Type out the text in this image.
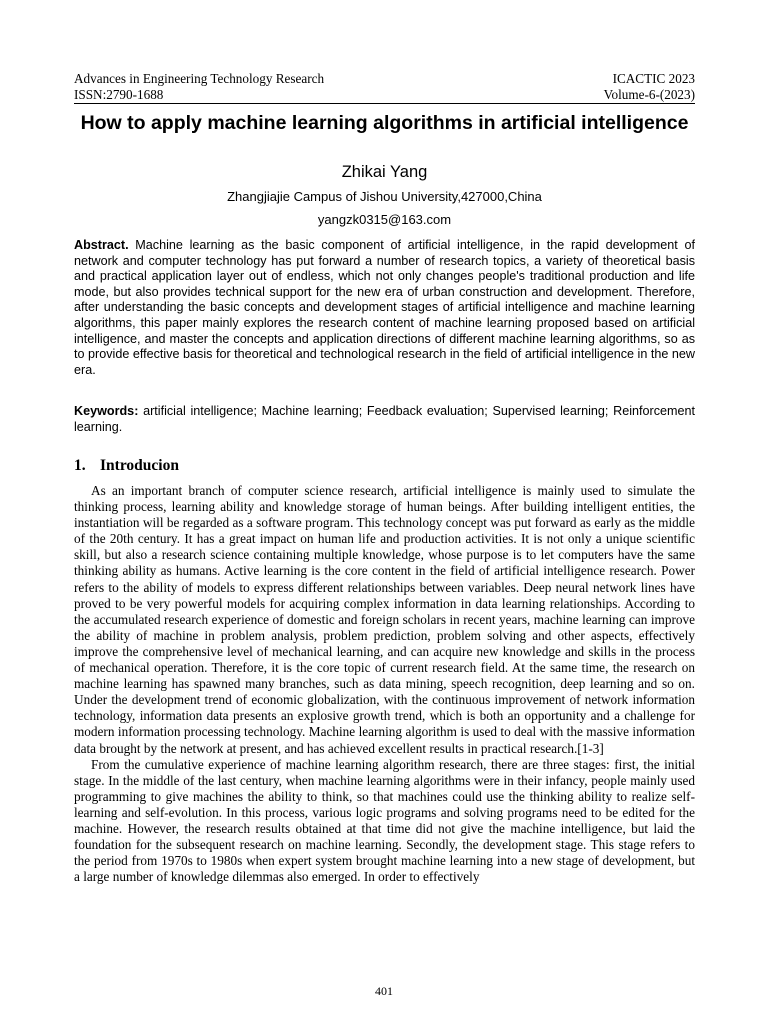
Advances in Engineering Technology Research	ICACTIC 2023
ISSN:2790-1688	Volume-6-(2023)
How to apply machine learning algorithms in artificial intelligence
Zhikai Yang
Zhangjiajie Campus of Jishou University,427000,China
yangzk0315@163.com
Abstract. Machine learning as the basic component of artificial intelligence, in the rapid development of network and computer technology has put forward a number of research topics, a variety of theoretical basis and practical application layer out of endless, which not only changes people's traditional production and life mode, but also provides technical support for the new era of urban construction and development. Therefore, after understanding the basic concepts and development stages of artificial intelligence and machine learning algorithms, this paper mainly explores the research content of machine learning proposed based on artificial intelligence, and master the concepts and application directions of different machine learning algorithms, so as to provide effective basis for theoretical and technological research in the field of artificial intelligence in the new era.
Keywords: artificial intelligence; Machine learning; Feedback evaluation; Supervised learning; Reinforcement learning.
1. Introducion

As an important branch of computer science research, artificial intelligence is mainly used to simulate the thinking process, learning ability and knowledge storage of human beings. After building intelligent entities, the instantiation will be regarded as a software program. This technology concept was put forward as early as the middle of the 20th century. It has a great impact on human life and production activities. It is not only a unique scientific skill, but also a research science containing multiple knowledge, whose purpose is to let computers have the same thinking ability as humans. Active learning is the core content in the field of artificial intelligence research. Power refers to the ability of models to express different relationships between variables. Deep neural network lines have proved to be very powerful models for acquiring complex information in data learning relationships. According to the accumulated research experience of domestic and foreign scholars in recent years, machine learning can improve the ability of machine in problem analysis, problem prediction, problem solving and other aspects, effectively improve the comprehensive level of mechanical learning, and can acquire new knowledge and skills in the process of mechanical operation. Therefore, it is the core topic of current research field. At the same time, the research on machine learning has spawned many branches, such as data mining, speech recognition, deep learning and so on. Under the development trend of economic globalization, with the continuous improvement of network information technology, information data presents an explosive growth trend, which is both an opportunity and a challenge for modern information processing technology. Machine learning algorithm is used to deal with the massive information data brought by the network at present, and has achieved excellent results in practical research.[1-3]

From the cumulative experience of machine learning algorithm research, there are three stages: first, the initial stage. In the middle of the last century, when machine learning algorithms were in their infancy, people mainly used programming to give machines the ability to think, so that machines could use the thinking ability to realize self-learning and self-evolution. In this process, various logic programs and solving programs need to be edited for the machine. However, the research results obtained at that time did not give the machine intelligence, but laid the foundation for the subsequent research on machine learning. Secondly, the development stage. This stage refers to the period from 1970s to 1980s when expert system brought machine learning into a new stage of development, but a large number of knowledge dilemmas also emerged. In order to effectively

401
